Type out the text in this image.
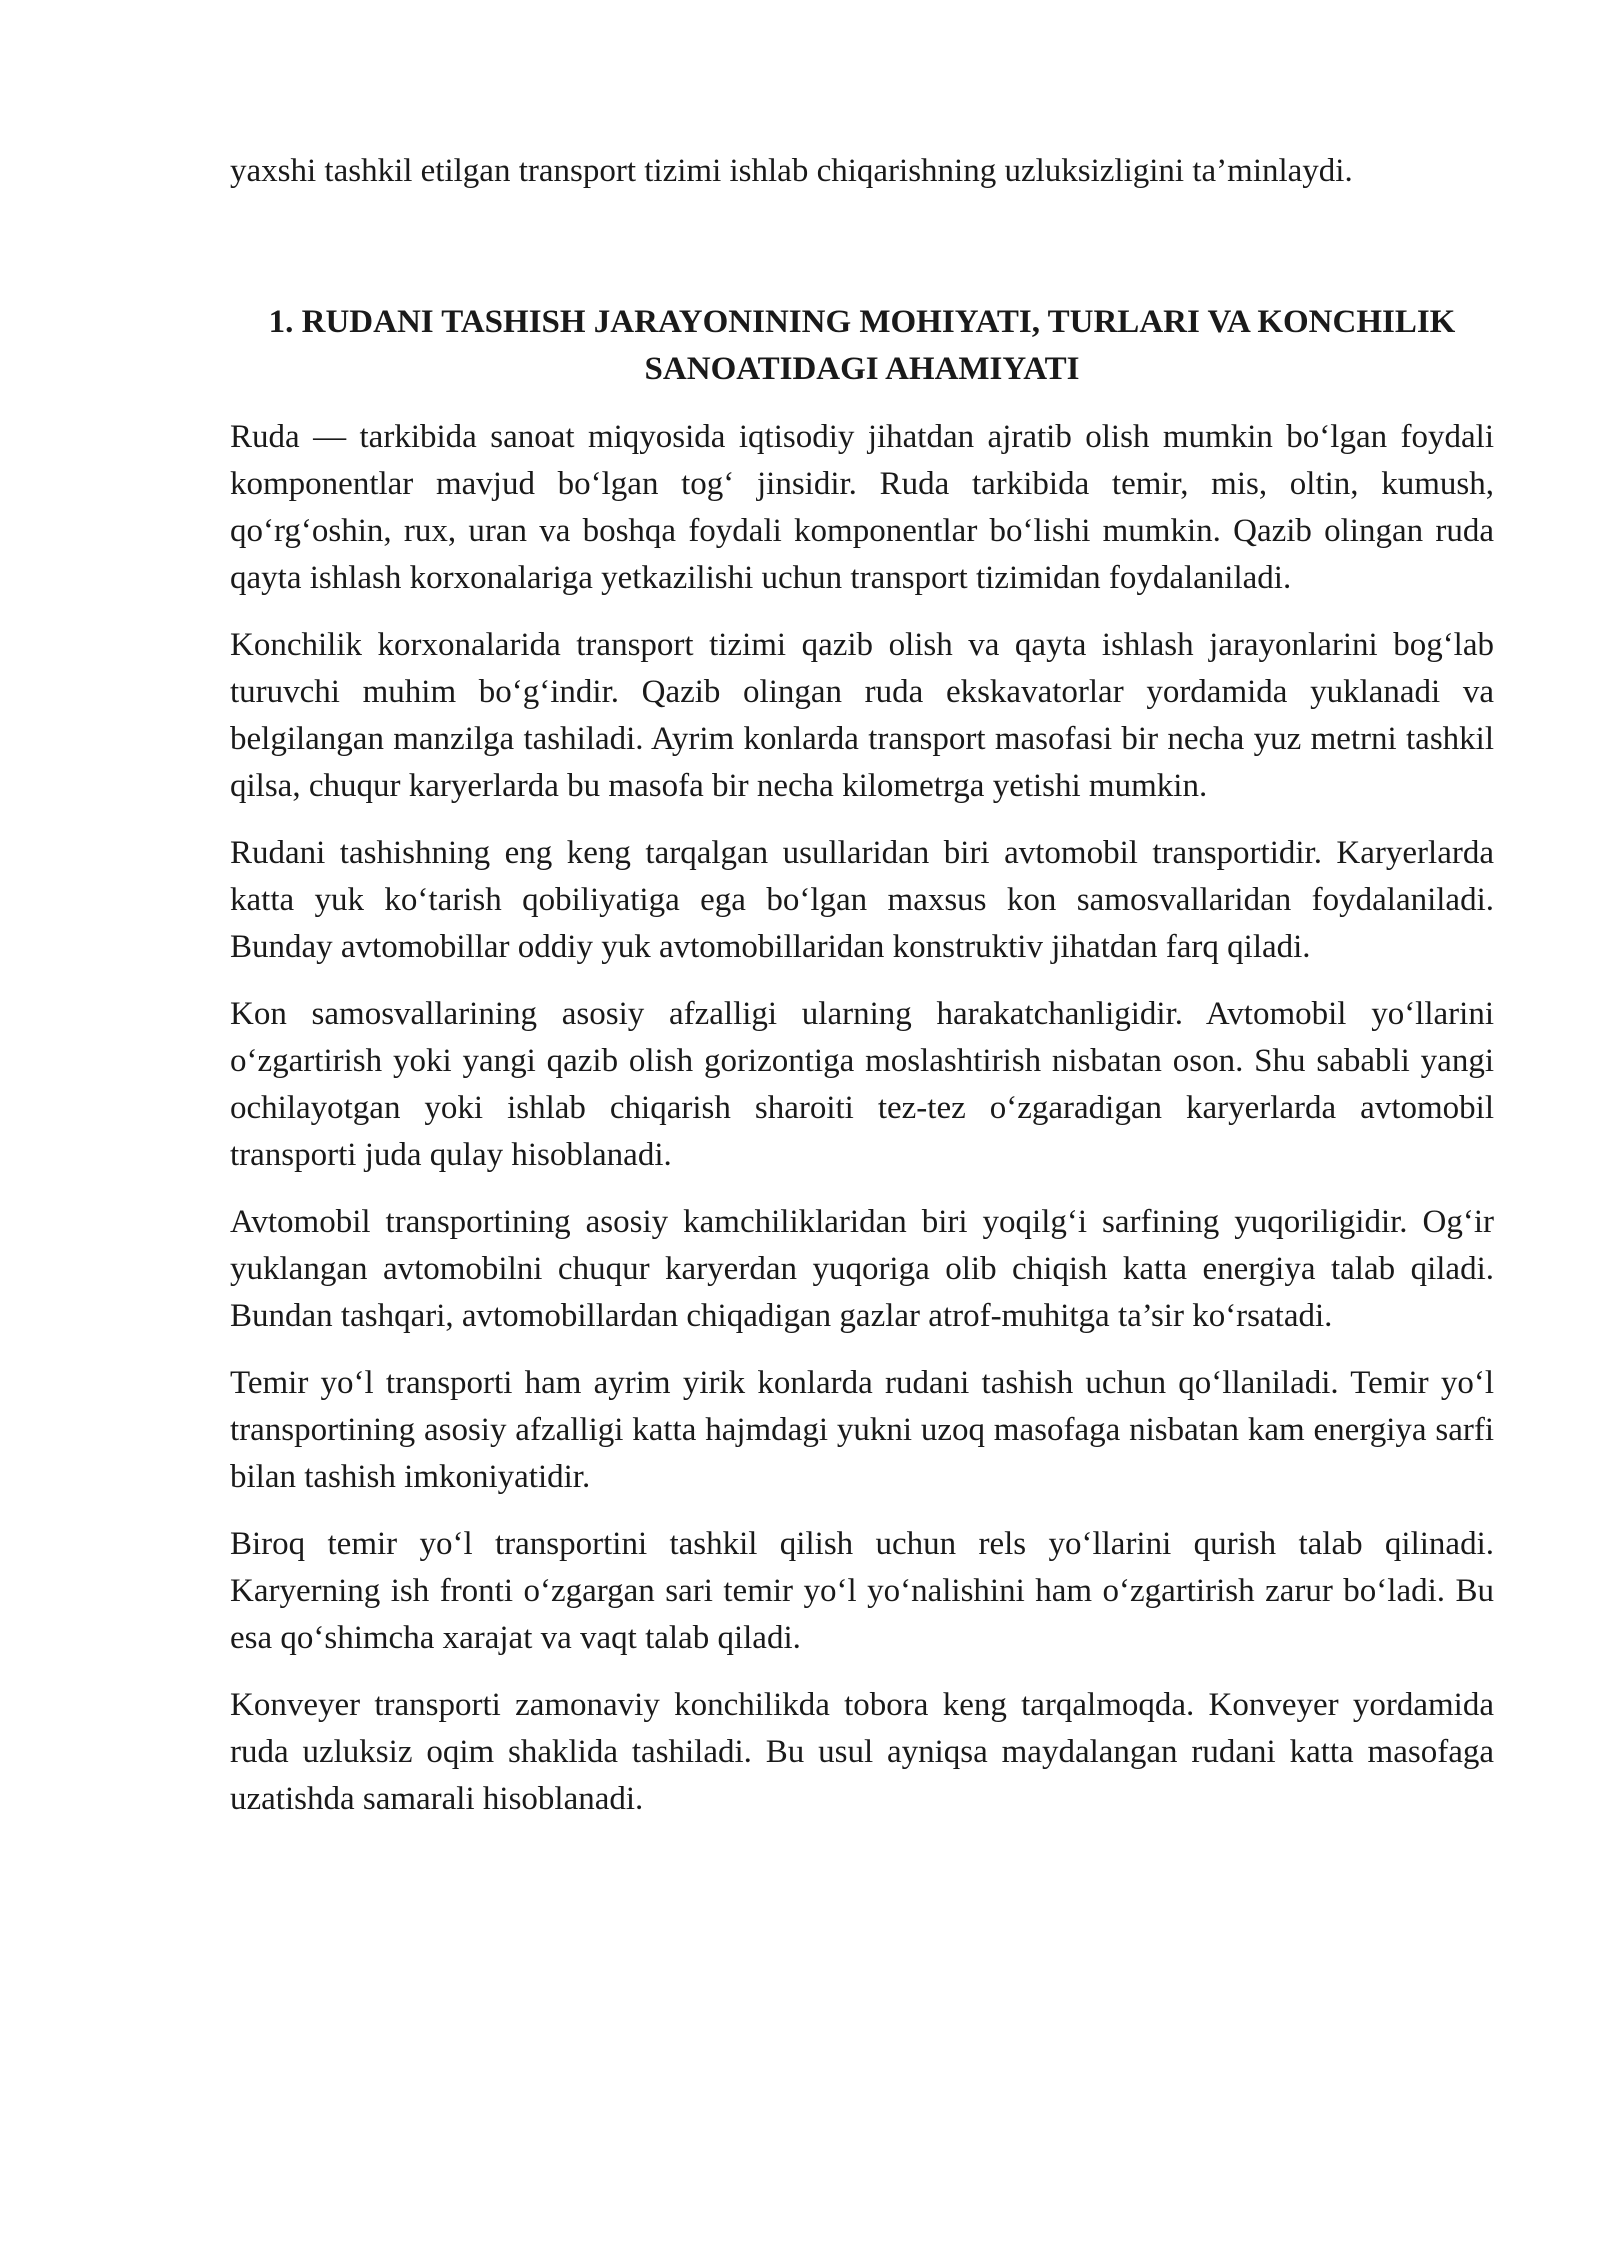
yaxshi tashkil etilgan transport tizimi ishlab chiqarishning uzluksizligini ta’minlaydi.

1. RUDANI TASHISH JARAYONINING MOHIYATI, TURLARI VA KONCHILIK SANOATIDAGI AHAMIYATI

Ruda — tarkibida sanoat miqyosida iqtisodiy jihatdan ajratib olish mumkin bo‘lgan foydali komponentlar mavjud bo‘lgan tog‘ jinsidir. Ruda tarkibida temir, mis, oltin, kumush, qo‘rg‘oshin, rux, uran va boshqa foydali komponentlar bo‘lishi mumkin. Qazib olingan ruda qayta ishlash korxonalariga yetkazilishi uchun transport tizimidan foydalaniladi.

Konchilik korxonalarida transport tizimi qazib olish va qayta ishlash jarayonlarini bog‘lab turuvchi muhim bo‘g‘indir. Qazib olingan ruda ekskavatorlar yordamida yuklanadi va belgilangan manzilga tashiladi. Ayrim konlarda transport masofasi bir necha yuz metrni tashkil qilsa, chuqur karyerlarda bu masofa bir necha kilometrga yetishi mumkin.

Rudani tashishning eng keng tarqalgan usullaridan biri avtomobil transportidir. Karyerlarda katta yuk ko‘tarish qobiliyatiga ega bo‘lgan maxsus kon samosvallaridan foydalaniladi. Bunday avtomobillar oddiy yuk avtomobillaridan konstruktiv jihatdan farq qiladi.

Kon samosvallarining asosiy afzalligi ularning harakatchanligidir. Avtomobil yo‘llarini o‘zgartirish yoki yangi qazib olish gorizontiga moslashtirish nisbatan oson. Shu sababli yangi ochilayotgan yoki ishlab chiqarish sharoiti tez-tez o‘zgaradigan karyerlarda avtomobil transporti juda qulay hisoblanadi.

Avtomobil transportining asosiy kamchiliklaridan biri yoqilg‘i sarfining yuqoriligidir. Og‘ir yuklangan avtomobilni chuqur karyerdan yuqoriga olib chiqish katta energiya talab qiladi. Bundan tashqari, avtomobillardan chiqadigan gazlar atrof-muhitga ta’sir ko‘rsatadi.

Temir yo‘l transporti ham ayrim yirik konlarda rudani tashish uchun qo‘llaniladi. Temir yo‘l transportining asosiy afzalligi katta hajmdagi yukni uzoq masofaga nisbatan kam energiya sarfi bilan tashish imkoniyatidir.

Biroq temir yo‘l transportini tashkil qilish uchun rels yo‘llarini qurish talab qilinadi. Karyerning ish fronti o‘zgargan sari temir yo‘l yo‘nalishini ham o‘zgartirish zarur bo‘ladi. Bu esa qo‘shimcha xarajat va vaqt talab qiladi.

Konveyer transporti zamonaviy konchilikda tobora keng tarqalmoqda. Konveyer yordamida ruda uzluksiz oqim shaklida tashiladi. Bu usul ayniqsa maydalangan rudani katta masofaga uzatishda samarali hisoblanadi.
